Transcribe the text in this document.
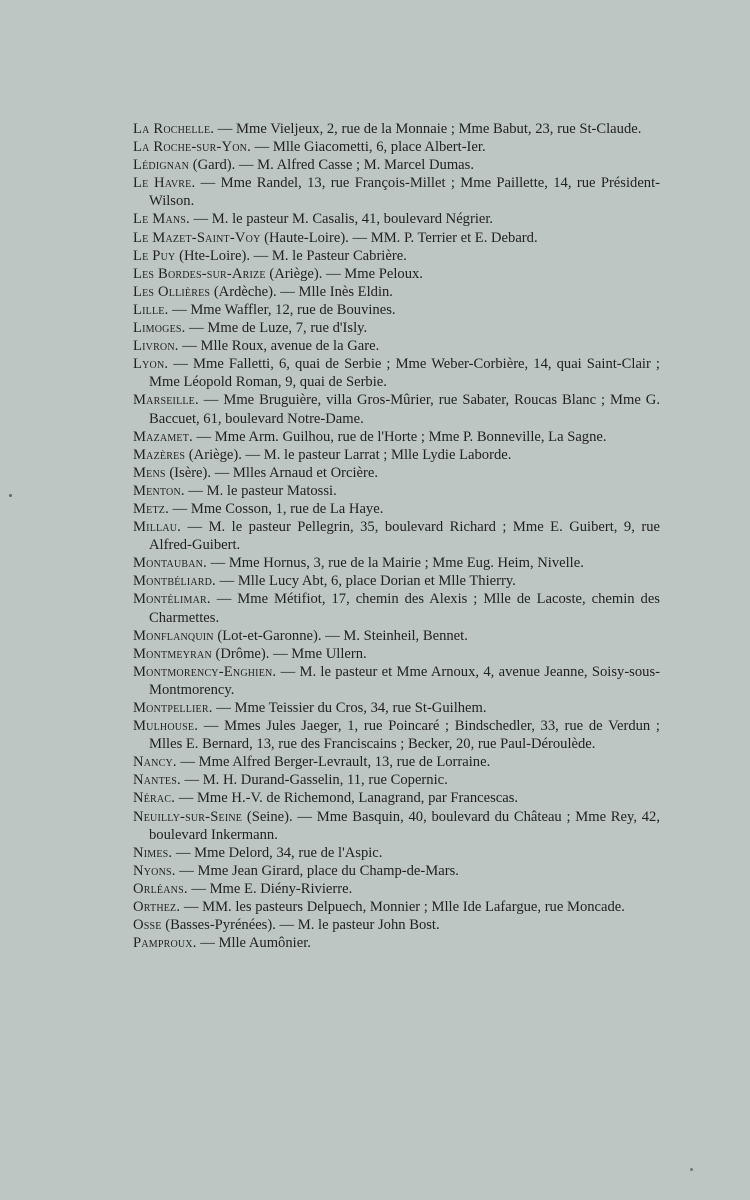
La Rochelle. — Mme Vieljeux, 2, rue de la Monnaie ; Mme Babut, 23, rue St-Claude.

La Roche-sur-Yon. — Mlle Giacometti, 6, place Albert-Ier.

Lédignan (Gard). — M. Alfred Casse ; M. Marcel Dumas.

Le Havre. — Mme Randel, 13, rue François-Millet ; Mme Paillette, 14, rue Président-Wilson.

Le Mans. — M. le pasteur M. Casalis, 41, boulevard Négrier.

Le Mazet-Saint-Voy (Haute-Loire). — MM. P. Terrier et E. Debard.

Le Puy (Hte-Loire). — M. le Pasteur Cabrière.

Les Bordes-sur-Arize (Ariège). — Mme Peloux.

Les Ollières (Ardèche). — Mlle Inès Eldin.

Lille. — Mme Waffler, 12, rue de Bouvines.

Limoges. — Mme de Luze, 7, rue d'Isly.

Livron. — Mlle Roux, avenue de la Gare.

Lyon. — Mme Falletti, 6, quai de Serbie ; Mme Weber-Corbière, 14, quai Saint-Clair ; Mme Léopold Roman, 9, quai de Serbie.

Marseille. — Mme Bruguière, villa Gros-Mûrier, rue Sabater, Roucas Blanc ; Mme G. Baccuet, 61, boulevard Notre-Dame.

Mazamet. — Mme Arm. Guilhou, rue de l'Horte ; Mme P. Bonneville, La Sagne.

Mazères (Ariège). — M. le pasteur Larrat ; Mlle Lydie Laborde.

Mens (Isère). — Mlles Arnaud et Orcière.

Menton. — M. le pasteur Matossi.

Metz. — Mme Cosson, 1, rue de La Haye.

Millau. — M. le pasteur Pellegrin, 35, boulevard Richard ; Mme E. Guibert, 9, rue Alfred-Guibert.

Montauban. — Mme Hornus, 3, rue de la Mairie ; Mme Eug. Heim, Nivelle.

Montbéliard. — Mlle Lucy Abt, 6, place Dorian et Mlle Thierry.

Montélimar. — Mme Métifiot, 17, chemin des Alexis ; Mlle de Lacoste, chemin des Charmettes.

Monflanquin (Lot-et-Garonne). — M. Steinheil, Bennet.

Montmeyran (Drôme). — Mme Ullern.

Montmorency-Enghien. — M. le pasteur et Mme Arnoux, 4, avenue Jeanne, Soisy-sous-Montmorency.

Montpellier. — Mme Teissier du Cros, 34, rue St-Guilhem.

Mulhouse. — Mmes Jules Jaeger, 1, rue Poincaré ; Bindschedler, 33, rue de Verdun ; Mlles E. Bernard, 13, rue des Franciscains ; Becker, 20, rue Paul-Déroulède.

Nancy. — Mme Alfred Berger-Levrault, 13, rue de Lorraine.

Nantes. — M. H. Durand-Gasselin, 11, rue Copernic.

Nérac. — Mme H.-V. de Richemond, Lanagrand, par Francescas.

Neuilly-sur-Seine (Seine). — Mme Basquin, 40, boulevard du Château ; Mme Rey, 42, boulevard Inkermann.

Nimes. — Mme Delord, 34, rue de l'Aspic.

Nyons. — Mme Jean Girard, place du Champ-de-Mars.

Orléans. — Mme E. Diény-Rivierre.

Orthez. — MM. les pasteurs Delpuech, Monnier ; Mlle Ide Lafargue, rue Moncade.

Osse (Basses-Pyrénées). — M. le pasteur John Bost.

Pamproux. — Mlle Aumônier.
